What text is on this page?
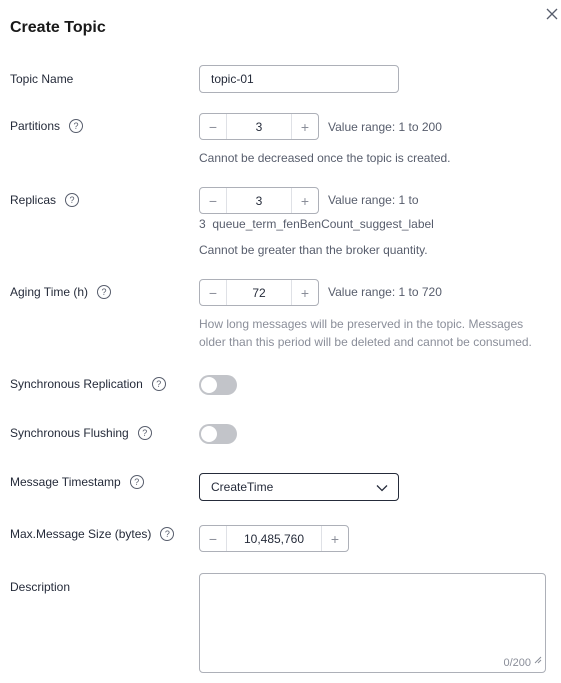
Create Topic
Topic Name	topic-01
Partitions	?	−	3	+	Value range: 1 to 200
Cannot be decreased once the topic is created.
Replicas	?	−	3	+	Value range: 1 to
3  queue_term_fenBenCount_suggest_label
Cannot be greater than the broker quantity.
Aging Time (h)	?	−	72	+	Value range: 1 to 720
How long messages will be preserved in the topic. Messages
older than this period will be deleted and cannot be consumed.
Synchronous Replication	?
Synchronous Flushing	?
Message Timestamp	?	CreateTime
Max.Message Size (bytes)	?	−	10,485,760	+
Description
0/200
